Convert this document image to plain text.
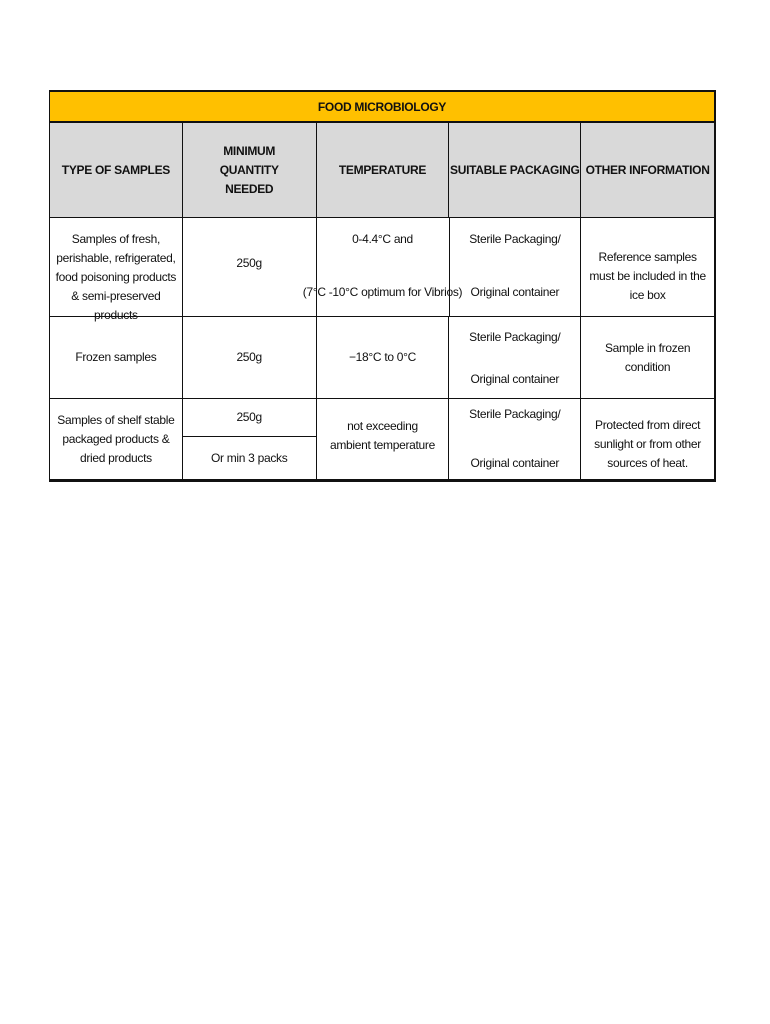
FOOD MICROBIOLOGY
TYPE OF SAMPLES
MINIMUM QUANTITY NEEDED
TEMPERATURE SUITABLE PACKAGING OTHER INFORMATION
Samples of fresh, perishable, refrigerated, food poisoning products & semi-preserved products
250g
0-4.4°C and
(7°C -10°C optimum for Vibrios)
Sterile Packaging/
Original container
Reference samples must be included in the ice box
Frozen samples	250g	−18°C to 0°C
Sterile Packaging/
Original container
Sample in frozen condition
Samples of shelf stable packaged products & dried products
250g
Or min 3 packs
not exceeding ambient temperature
Sterile Packaging/
Original container
Protected from direct sunlight or from other sources of heat.
